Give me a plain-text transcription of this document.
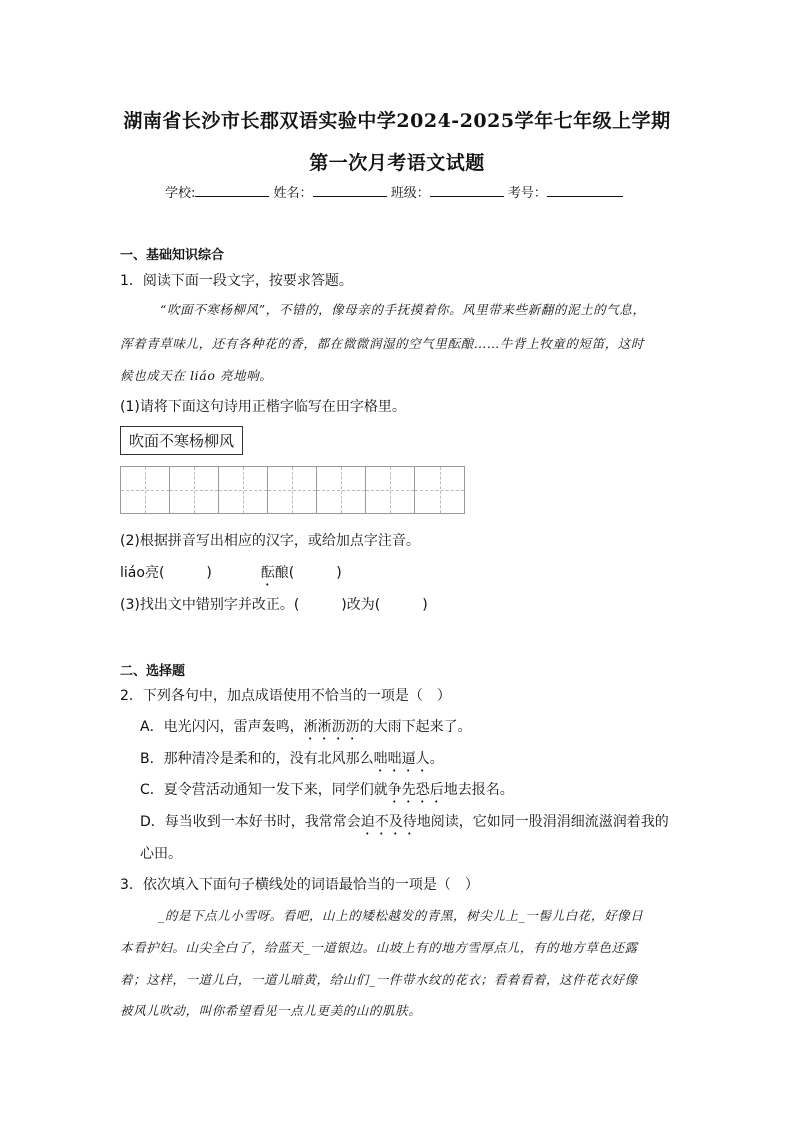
湖南省长沙市长郡双语实验中学2024-2025学年七年级上学期
第一次月考语文试题
学校:	姓名：	班级：	考号：
一、基础知识综合
1．阅读下面一段文字，按要求答题。
“吹面不寒杨柳风”，不错的，像母亲的手抚摸着你。风里带来些新翻的泥土的气息，
浑着青草味儿，还有各种花的香，都在微微润湿的空气里酝酿……牛背上牧童的短笛，这时
候也成天在 liáo 亮地响。
(1)请将下面这句诗用正楷字临写在田字格里。
吹面不寒杨柳风
(2)根据拼音写出相应的汉字，或给加点字注音。
liáo亮(　　　)	酝酿(　　　)
(3)找出文中错别字并改正。(　　　)改为(　　　)
二、选择题
2．下列各句中，加点成语使用不恰当的一项是（　）
A．电光闪闪，雷声轰鸣，淅淅沥沥的大雨下起来了。
B．那种清冷是柔和的，没有北风那么咄咄逼人。
C．夏令营活动通知一发下来，同学们就争先恐后地去报名。
D．每当收到一本好书时，我常常会迫不及待地阅读，它如同一股涓涓细流滋润着我的
心田。
3．依次填入下面句子横线处的词语最恰当的一项是（　）
_的是下点儿小雪呀。看吧，山上的矮松越发的青黑，树尖儿上_一髻儿白花，好像日
本看护妇。山尖全白了，给蓝天_一道银边。山坡上有的地方雪厚点儿，有的地方草色还露
着；这样，一道儿白，一道儿暗黄，给山们_一件带水纹的花衣；看着看着，这件花衣好像
被风儿吹动，叫你希望看见一点儿更美的山的肌肤。
